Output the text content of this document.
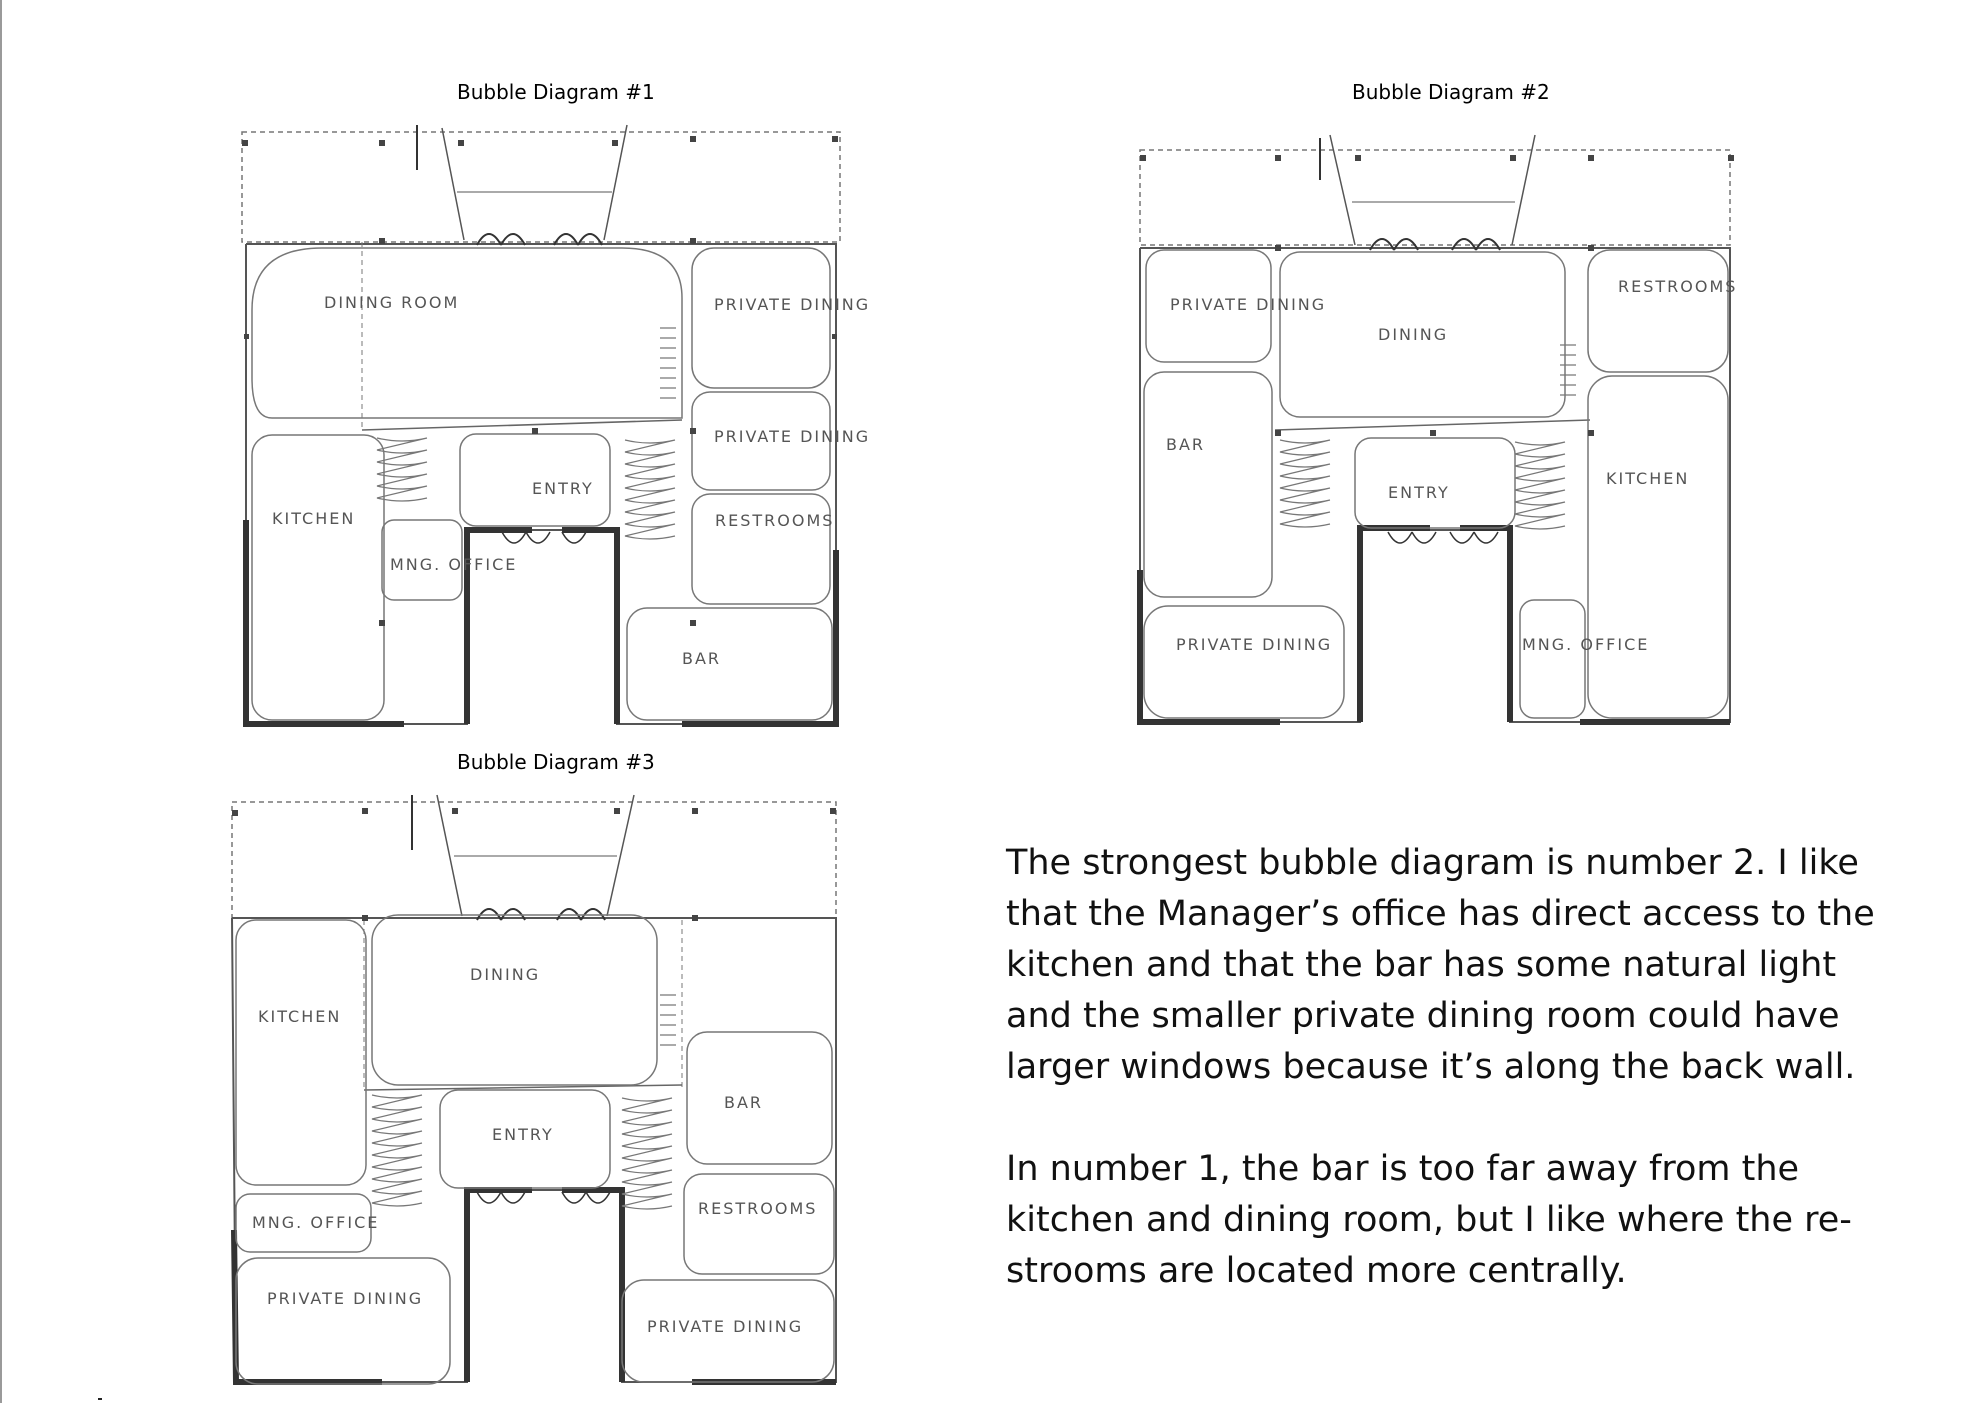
Bubble Diagram #1	Bubble Diagram #2
Bubble Diagram #3
DINING ROOM	PRIVATE DINING
PRIVATE DINING
ENTRY
KITCHEN	RESTROOMS
MNG. OFFICE
BAR
PRIVATE DINING
DINING
RESTROOMS
BAR
ENTRY
KITCHEN
PRIVATE DINING	MNG. OFFICE
DINING
KITCHEN
BAR
ENTRY
MNG. OFFICE
RESTROOMS
PRIVATE DINING
PRIVATE DINING

The strongest bubble diagram is number 2. I like that the Manager’s office has direct access to the kitchen and that the bar has some natural light and the smaller private dining room could have larger windows because it’s along the back wall.

In number 1, the bar is too far away from the kitchen and dining room, but I like where the re-strooms are located more centrally.
